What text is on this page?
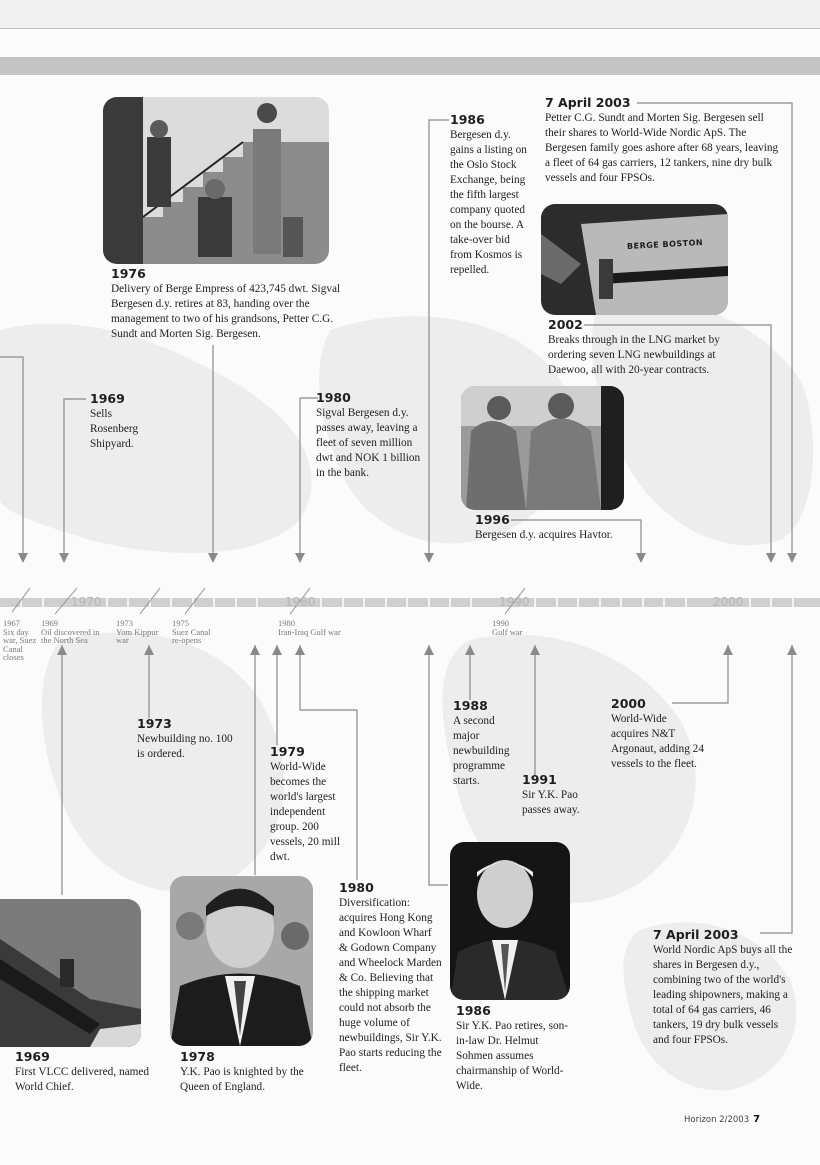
1970	1980	1990	2000
1967
Six day war, Suez Canal closes
1969
Oil discovered in the North Sea
1973
Yom Kippur war
1975
Suez Canal re-opens
1980
Iran-Iraq Gulf war
1990
Gulf war
BERGE BOSTON
1976
Delivery of Berge Empress of 423,745 dwt. Sigval Bergesen d.y. retires at 83, handing over the management to two of his grandsons, Petter C.G. Sundt and Morten Sig. Bergesen.
1969
Sells Rosenberg Shipyard.
1980
Sigval Bergesen d.y. passes away, leaving a fleet of seven million dwt and NOK 1 billion in the bank.
1986
Bergesen d.y. gains a listing on the Oslo Stock Exchange, being the fifth largest company quoted on the bourse. A take-over bid from Kosmos is repelled.
7 April 2003
Petter C.G. Sundt and Morten Sig. Bergesen sell their shares to World-Wide Nordic ApS. The Bergesen family goes ashore after 68 years, leaving a fleet of 64 gas carriers, 12 tankers, nine dry bulk vessels and four FPSOs.
2002
Breaks through in the LNG market by ordering seven LNG newbuildings at Daewoo, all with 20-year contracts.
1996
Bergesen d.y. acquires Havtor.
1973
Newbuilding no. 100 is ordered.	1979
World-Wide becomes the world's largest independent group. 200 vessels, 20 mill dwt.
1980
Diversification: acquires Hong Kong and Kowloon Wharf & Godown Company and Wheelock Marden & Co. Believing that the shipping market could not absorb the huge volume of newbuildings, Sir Y.K. Pao starts reducing the fleet.
1988
A second major newbuilding programme starts.	1991
Sir Y.K. Pao passes away.
2000
World-Wide acquires N&T Argonaut, adding 24 vessels to the fleet.
1969
First VLCC delivered, named World Chief.
1978
Y.K. Pao is knighted by the Queen of England.
1986
Sir Y.K. Pao retires, son-in-law Dr. Helmut Sohmen assumes chairmanship of World-Wide.
7 April 2003
World Nordic ApS buys all the shares in Bergesen d.y., combining two of the world's leading shipowners, making a total of 64 gas carriers, 46 tankers, 19 dry bulk vessels and four FPSOs.
Horizon 2/2003 7
